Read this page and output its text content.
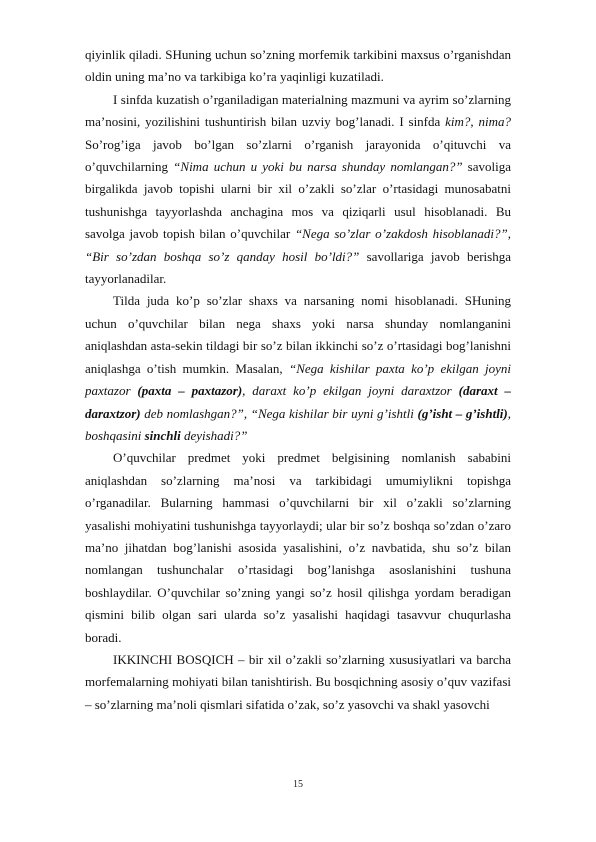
qiyinlik qiladi. SHuning uchun so’zning morfemik tarkibini maxsus o’rganishdan oldin uning ma’no va tarkibiga ko’ra yaqinligi kuzatiladi.

I sinfda kuzatish o’rganiladigan materialning mazmuni va ayrim so’zlarning ma’nosini, yozilishini tushuntirish bilan uzviy bog’lanadi. I sinfda kim?, nima? So’rog’iga javob bo’lgan so’zlarni o’rganish jarayonida o’qituvchi va o’quvchilarning “Nima uchun u yoki bu narsa shunday nomlangan?” savoliga birgalikda javob topishi ularni bir xil o’zakli so’zlar o’rtasidagi munosabatni tushunishga tayyorlashda anchagina mos va qiziqarli usul hisoblanadi. Bu savolga javob topish bilan o’quvchilar “Nega so’zlar o’zakdosh hisoblanadi?”, “Bir so’zdan boshqa so’z qanday hosil bo’ldi?” savollariga javob berishga tayyorlanadilar.

Tilda juda ko’p so’zlar shaxs va narsaning nomi hisoblanadi. SHuning uchun o’quvchilar bilan nega shaxs yoki narsa shunday nomlanganini aniqlashdan asta-sekin tildagi bir so’z bilan ikkinchi so’z o’rtasidagi bog’lanishni aniqlashga o’tish mumkin. Masalan, “Nega kishilar paxta ko’p ekilgan joyni paxtazor (paxta – paxtazor), daraxt ko’p ekilgan joyni daraxtzor (daraxt – daraxtzor) deb nomlashgan?”, “Nega kishilar bir uyni g’ishtli (g’isht – g’ishtli), boshqasini sinchli deyishadi?”

O’quvchilar predmet yoki predmet belgisining nomlanish sababini aniqlashdan so’zlarning ma’nosi va tarkibidagi umumiylikni topishga o’rganadilar. Bularning hammasi o’quvchilarni bir xil o’zakli so’zlarning yasalishi mohiyatini tushunishga tayyorlaydi; ular bir so’z boshqa so’zdan o’zaro ma’no jihatdan bog’lanishi asosida yasalishini, o’z navbatida, shu so’z bilan nomlangan tushunchalar o’rtasidagi bog’lanishga asoslanishini tushuna boshlaydilar. O’quvchilar so’zning yangi so’z hosil qilishga yordam beradigan qismini bilib olgan sari ularda so’z yasalishi haqidagi tasavvur chuqurlasha boradi.

IKKINCHI BOSQICH – bir xil o’zakli so’zlarning xususiyatlari va barcha morfemalarning mohiyati bilan tanishtirish. Bu bosqichning asosiy o’quv vazifasi – so’zlarning ma’noli qismlari sifatida o’zak, so’z yasovchi va shakl yasovchi

15
